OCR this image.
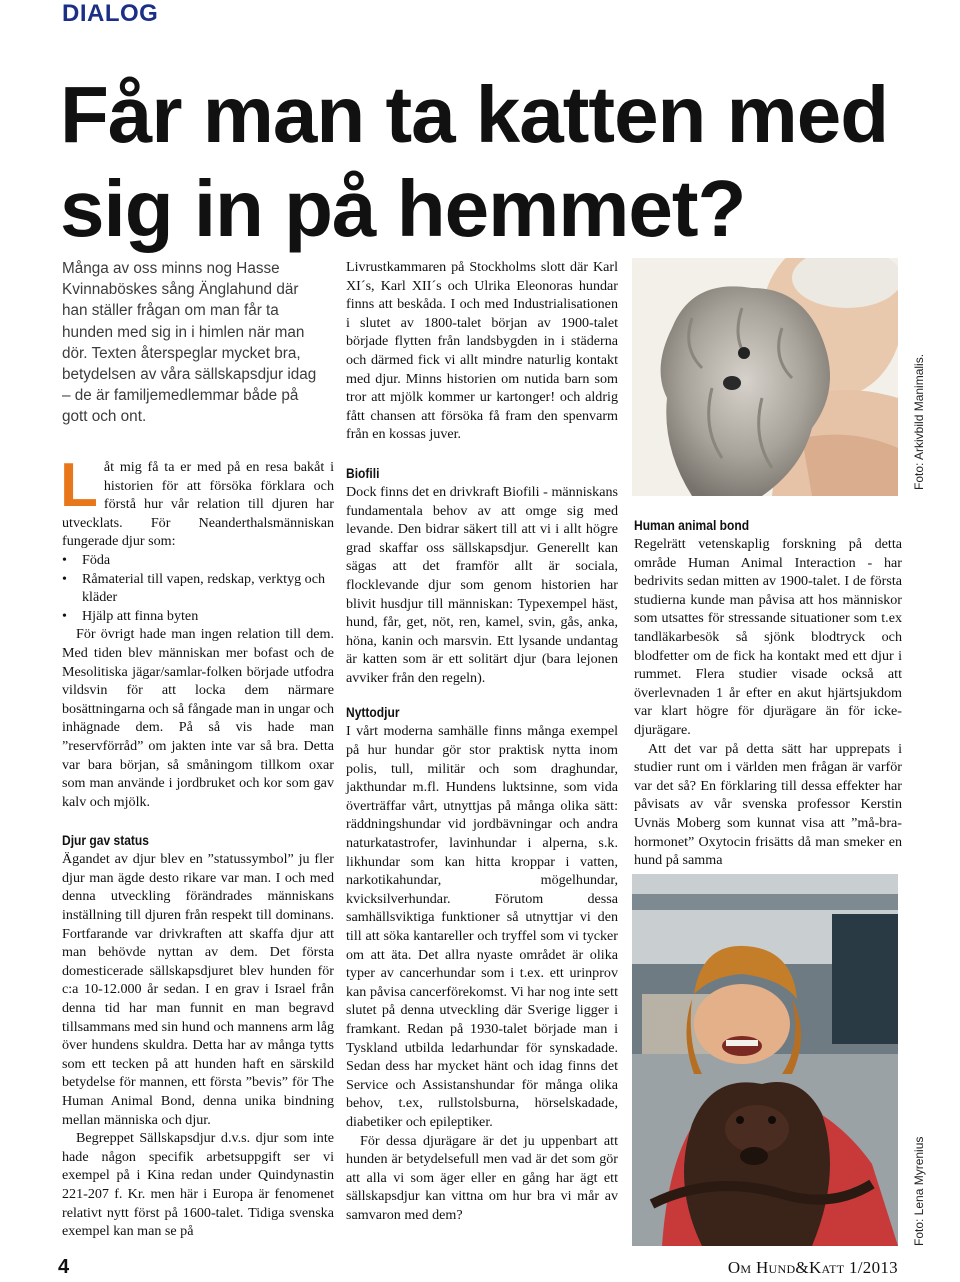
DIALOG
Får man ta katten med sig in på hemmet?
Många av oss minns nog Hasse Kvinnaböskes sång Änglahund där han ställer frågan om man får ta hunden med sig in i himlen när man dör. Texten återspeglar mycket bra, betydelsen av våra sällskapsdjur idag – de är familjemedlemmar både på gott och ont.

Låt mig få ta er med på en resa bakåt i historien för att försöka förklara och förstå hur vår relation till djuren har utvecklats. För Neanderthalsmänniskan fungerade djur som:

• Föda
• Råmaterial till vapen, redskap, verktyg och kläder
• Hjälp att finna byten

För övrigt hade man ingen relation till dem. Med tiden blev människan mer bofast och de Mesolitiska jägar/samlar-folken började utfodra vildsvin för att locka dem närmare bosättningarna och så fångade man in ungar och inhägnade dem. På så vis hade man ”reservförråd” om jakten inte var så bra. Detta var bara början, så småningom tillkom oxar som man använde i jordbruket och kor som gav kalv och mjölk.

Djur gav status

Ägandet av djur blev en ”statussymbol” ju fler djur man ägde desto rikare var man. I och med denna utveckling förändrades människans inställning till djuren från respekt till dominans. Fortfarande var drivkraften att skaffa djur att man behövde nyttan av dem. Det första domesticerade sällskapsdjuret blev hunden för c:a 10-12.000 år sedan. I en grav i Israel från denna tid har man funnit en man begravd tillsammans med sin hund och mannens arm låg över hundens skuldra. Detta har av många tytts som ett tecken på att hunden haft en särskild betydelse för mannen, ett första ”bevis” för The Human Animal Bond, denna unika bindning mellan människa och djur.

Begreppet Sällskapsdjur d.v.s. djur som inte hade någon specifik arbetsuppgift ser vi exempel på i Kina redan under Quindynastin 221-207 f. Kr. men här i Europa är fenomenet relativt nytt först på 1600-talet. Tidiga svenska exempel kan man se på

Livrustkammaren på Stockholms slott där Karl XI´s, Karl XII´s och Ulrika Eleonoras hundar finns att beskåda. I och med Industrialisationen i slutet av 1800-talet början av 1900-talet började flytten från landsbygden in i städerna och därmed fick vi allt mindre naturlig kontakt med djur. Minns historien om nutida barn som tror att mjölk kommer ur kartonger! och aldrig fått chansen att försöka få fram den spenvarm från en kossas juver.

Biofili

Dock finns det en drivkraft Biofili - människans fundamentala behov av att omge sig med levande. Den bidrar säkert till att vi i allt högre grad skaffar oss sällskapsdjur. Generellt kan sägas att det framför allt är sociala, flocklevande djur som genom historien har blivit husdjur till människan: Typexempel häst, hund, får, get, nöt, ren, kamel, svin, gås, anka, höna, kanin och marsvin. Ett lysande undantag är katten som är ett solitärt djur (bara lejonen avviker från den regeln).

Nyttodjur

I vårt moderna samhälle finns många exempel på hur hundar gör stor praktisk nytta inom polis, tull, militär och som draghundar, jakthundar m.fl. Hundens luktsinne, som vida överträffar vårt, utnyttjas på många olika sätt: räddningshundar vid jordbävningar och andra naturkatastrofer, lavinhundar i alperna, s.k. likhundar som kan hitta kroppar i vatten, narkotikahundar, mögelhundar, kvicksilverhundar. Förutom dessa samhällsviktiga funktioner så utnyttjar vi den till att söka kantareller och tryffel som vi tycker om att äta. Det allra nyaste området är olika typer av cancerhundar som i t.ex. ett urinprov kan påvisa cancerförekomst. Vi har nog inte sett slutet på denna utveckling där Sverige ligger i framkant. Redan på 1930-talet började man i Tyskland utbilda ledarhundar för synskadade. Sedan dess har mycket hänt och idag finns det Service och Assistanshundar för många olika behov, t.ex, rullstolsburna, hörselskadade, diabetiker och epileptiker.

För dessa djurägare är det ju uppenbart att hunden är betydelsefull men vad är det som gör att alla vi som äger eller en gång har ägt ett sällskapsdjur kan vittna om hur bra vi mår av samvaron med dem?

Human animal bond

Regelrätt vetenskaplig forskning på detta område Human Animal Interaction - har bedrivits sedan mitten av 1900-talet. I de första studierna kunde man påvisa att hos människor som utsattes för stressande situationer som t.ex tandläkarbesök så sjönk blodtryck och blodfetter om de fick ha kontakt med ett djur i rummet. Flera studier visade också att överlevnaden 1 år efter en akut hjärtsjukdom var klart högre för djurägare än för icke-djurägare.

Att det var på detta sätt har upprepats i studier runt om i världen men frågan är varför var det så? En förklaring till dessa effekter har påvisats av vår svenska professor Kerstin Uvnäs Moberg som kunnat visa att ”må-bra-hormonet” Oxytocin frisätts då man smeker en hund på samma

Foto: Arkivbild Manimalis.
Foto: Lena Myrenius
4	Om Hund&Katt 1/2013
